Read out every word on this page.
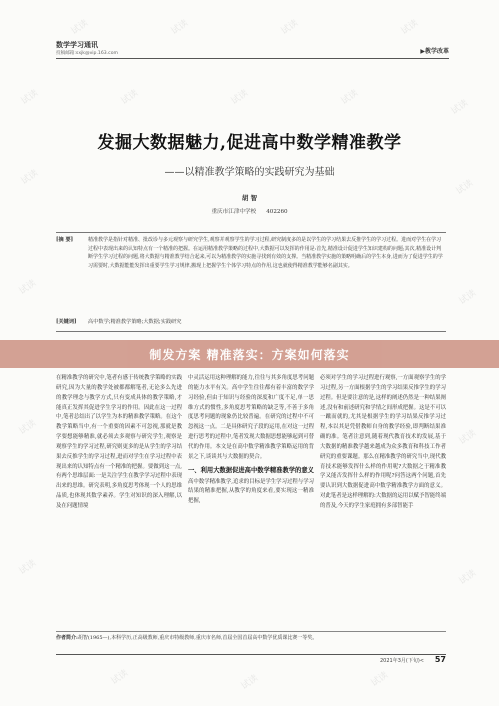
试读	试读	试读	试读
试读	试读	试读	试读
试读
试读
试读
试读
试读
试读
试读
试读
试读
试读	试读	试读
数学学习通讯
投稿邮箱:sxjk@vip.163.com	▶教学改革
发掘大数据魅力,促进高中数学精准教学
——以精准教学策略的实践研究为基础
胡 智
重庆市江津中学校 402260
[摘 要]	精准教学是指针对精准、批改诊与多元观察与研究学生,观察并观察学生的学习过程,研究制度多的是以学生的学习结果去反推学生的学习过程。进而对学生在学习过程中表现出来的认知特点有一个精准的把握。在运用精准教学策略的过程中,大数据可以发挥的作用是:首先,精准设计促进学生知识建构的问题;其次,精准设计判断学生学习过程的问题,将大数据与精准教学结合起来,可以为精准教学的实施寻找到有效的支撑。当精准教学实施的策略明确后的学生本身,进而为了促进学生的学习需要时,大数据能能发挥出重要学生学习规律,搬现上把握学生个体学习特点的作用,这也就使得精准教学能够名副其实。
[关键词] 高中数学;精准教学策略;大数据;实践研究
在精准教学的研究中,笔者有感于传统教学策略的实践研究,因为大量的教学处被都都解笔者,无论多么先进的教学理念与教学方式,只有变成具体的教学策略,才能真正发挥其促进学生学习的作用。因此在这一过程中,笔者总结出了以学生为本的精准教学策略。在这个教学策略当中,有一个重要的因素不可忽视,那就是教学要想能够精准,就必须去多观察与研究学生,观察是观察学生的学习过程,研究则更多的是从学生的学习结果去反推学生的学习过程,进而对学生在学习过程中表现出来的认知特点有一个精准的把握。要做到这一点,有两个思维层面:一是关注学生在教学学习过程中表现出来的思维。研究表明,多角度思考体现一个人的思维品质,也体现其数学素养。学生对知识的深入理解,以及在问题情境
中灵活运用这种理解的能力,往往与其多角度思考问题的能力水平有关。高中学生往往都有着丰富的数学学习经验,但由于知识与经验的深度和广度不足,单一思维方式的惯性,多角度思考策略的缺乏等,不善于多角度思考问题的现象仍比较普遍。在研究的过程中不可忽视这一点。二是具体研究子段的运用,在对这一过程进行思考的过程中,笔者发现大数据思想能够起到可替代的作用。本文是在高中数学精准教学策略运用的背景之下,谈谈其与大数据的契合。
一、利用大数据促进高中数学精准教学的意义
高中数学精准教学,追求的目标是学生学习过程与学习结果的精准把握,从教学的角度来看,要实现这一精准把握,
必须对学生的学习过程进行观察,一方面观察学生的学习过程,另一方面根据学生的学习结果反推学生的学习过程。但是要注意的是,这样的阐述仍然是一种结果阐述,没有和前述研究和学情之间形成把握。这是不可以一蹴而就的,尤其是根据学生的学习结果反推学习过程,本以其是凭借教师自身的教学经验,即判断结果准确的准。笔者注意到,随着现代教育技术的发展,基于大数据的精准教学越来越成为众多教育和科技工作者研究的重要课题。那么在精准教学的研究当中,现代教育技术能够发挥什么样的作用呢?大数据之于精准教学又能否发挥什么样的作用呢?问答这两个问题,首先要认识到大数据促进高中数学精准教学方面的意义。对此笔者是这样理解的:大数据的运用以赋予智能终端的普及,今天的学生家庭拥有多部智能手
制发方案 精准落实：方案如何落实
作者简介:胡智(1965—),本科学历,正高级教师,重庆市特级教师,重庆市名师,首届全国首届高中数学优质课比赛一等奖。
2021年3月(下旬)< 57
